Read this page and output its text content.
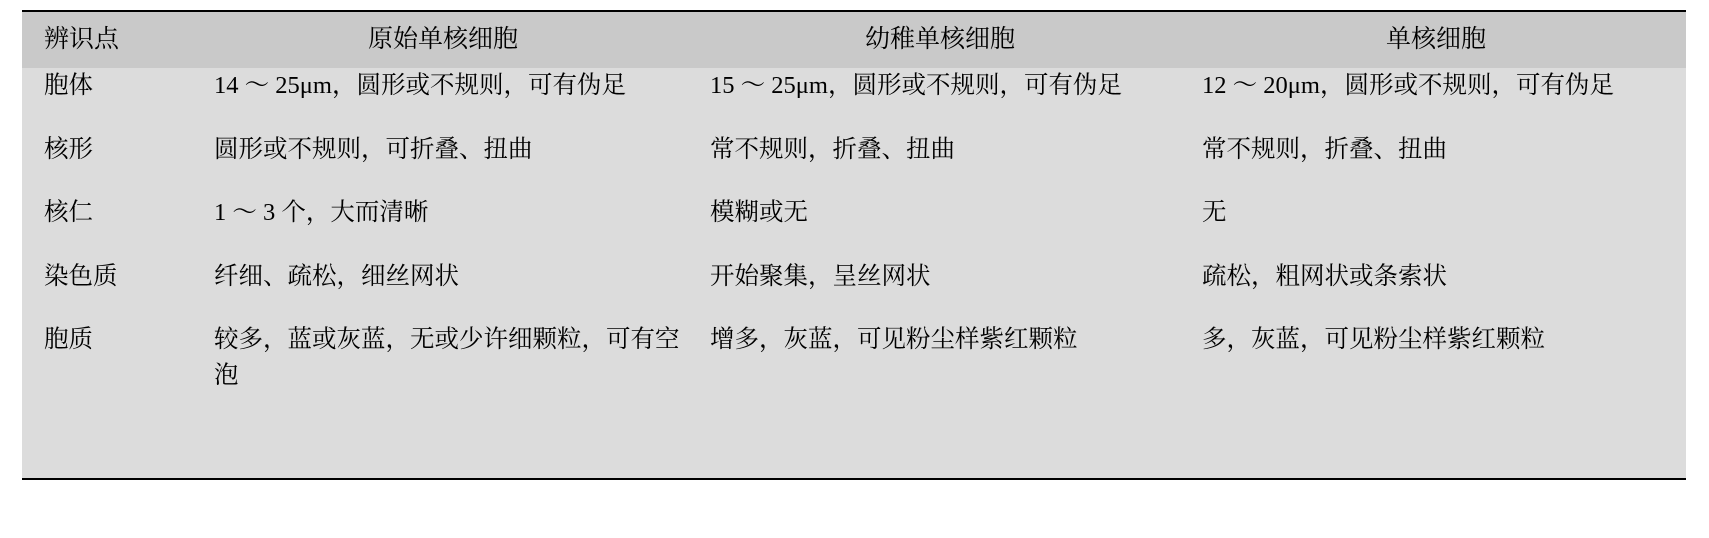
辨识点	原始单核细胞	幼稚单核细胞	单核细胞
胞体	14 ～ 25μm，圆形或不规则，可有伪足	15 ～ 25μm，圆形或不规则，可有伪足	12 ～ 20μm，圆形或不规则，可有伪足
核形	圆形或不规则，可折叠、扭曲	常不规则，折叠、扭曲	常不规则，折叠、扭曲
核仁	1 ～ 3 个，大而清晰	模糊或无	无
染色质	纤细、疏松，细丝网状	开始聚集，呈丝网状	疏松，粗网状或条索状
胞质	较多，蓝或灰蓝，无或少许细颗粒，可有空泡	增多，灰蓝，可见粉尘样紫红颗粒	多，灰蓝，可见粉尘样紫红颗粒
